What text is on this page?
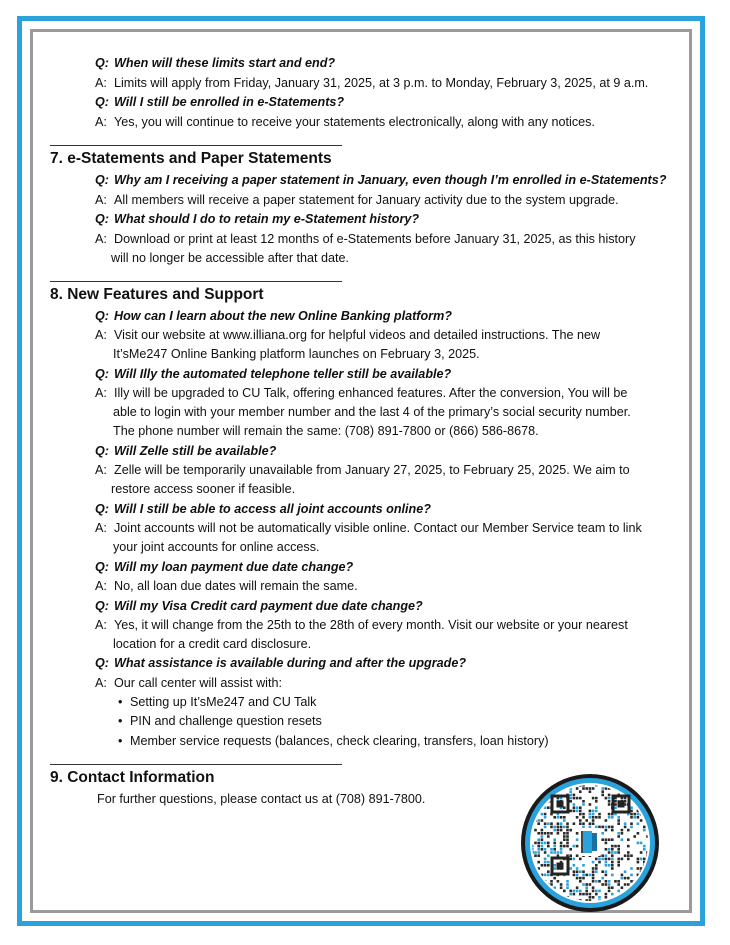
Q: When will these limits start and end?
A: Limits will apply from Friday, January 31, 2025, at 3 p.m. to Monday, February 3, 2025, at 9 a.m.
Q: Will I still be enrolled in e-Statements?
A: Yes, you will continue to receive your statements electronically, along with any notices.
7. e-Statements and Paper Statements
Q: Why am I receiving a paper statement in January, even though I’m enrolled in e-Statements?
A: All members will receive a paper statement for January activity due to the system upgrade.
Q: What should I do to retain my e-Statement history?
A: Download or print at least 12 months of e-Statements before January 31, 2025, as this history
will no longer be accessible after that date.
8. New Features and Support
Q: How can I learn about the new Online Banking platform?
A: Visit our website at www.illiana.org for helpful videos and detailed instructions. The new
It’sMe247 Online Banking platform launches on February 3, 2025.
Q: Will Illy the automated telephone teller still be available?
A: Illy will be upgraded to CU Talk, offering enhanced features. After the conversion, You will be
able to login with your member number and the last 4 of the primary’s social security number.
The phone number will remain the same: (708) 891-7800 or (866) 586-8678.
Q: Will Zelle still be available?
A: Zelle will be temporarily unavailable from January 27, 2025, to February 25, 2025. We aim to
restore access sooner if feasible.
Q: Will I still be able to access all joint accounts online?
A: Joint accounts will not be automatically visible online. Contact our Member Service team to link
your joint accounts for online access.
Q: Will my loan payment due date change?
A: No, all loan due dates will remain the same.
Q: Will my Visa Credit card payment due date change?
A: Yes, it will change from the 25th to the 28th of every month. Visit our website or your nearest
location for a credit card disclosure.
Q: What assistance is available during and after the upgrade?
A: Our call center will assist with:
• Setting up It’sMe247 and CU Talk
• PIN and challenge question resets
• Member service requests (balances, check clearing, transfers, loan history)
9. Contact Information
For further questions, please contact us at (708) 891-7800.
